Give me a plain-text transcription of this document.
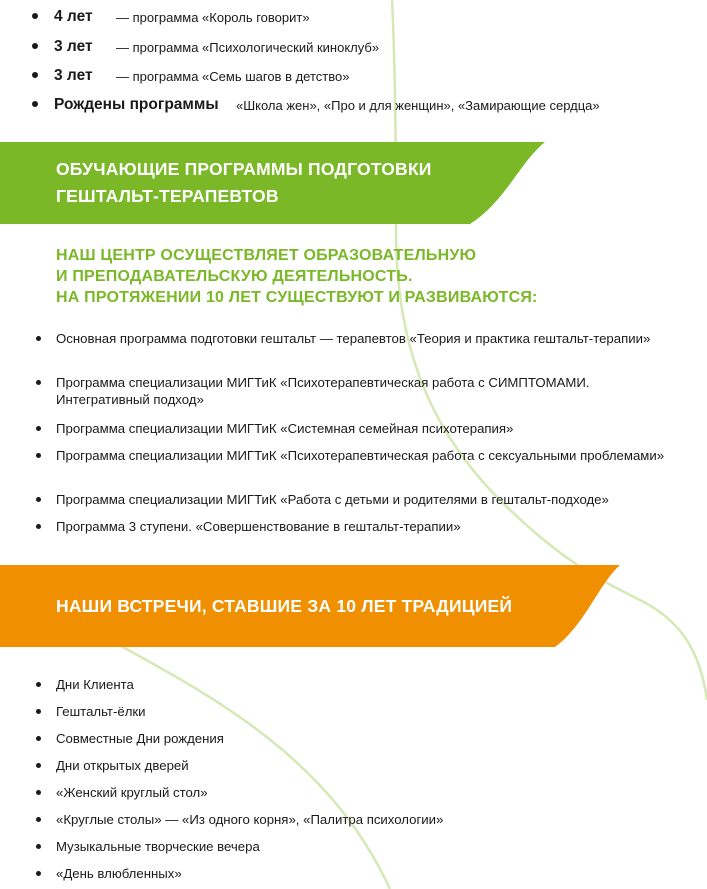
4 лет — программа «Король говорит»
3 лет — программа «Психологический киноклуб»
3 лет — программа «Семь шагов в детство»
Рождены программы «Школа жен», «Про и для женщин», «Замирающие сердца»
ОБУЧАЮЩИЕ ПРОГРАММЫ ПОДГОТОВКИ
ГЕШТАЛЬТ-ТЕРАПЕВТОВ
НАШ ЦЕНТР ОСУЩЕСТВЛЯЕТ ОБРАЗОВАТЕЛЬНУЮ
И ПРЕПОДАВАТЕЛЬСКУЮ ДЕЯТЕЛЬНОСТЬ.
НА ПРОТЯЖЕНИИ 10 ЛЕТ СУЩЕСТВУЮТ И РАЗВИВАЮТСЯ:
Основная программа подготовки гештальт — терапевтов «Теория и практика гештальт-терапии»
Программа специализации МИГТиК «Психотерапевтическая работа с СИМПТОМАМИ. Интегративный подход»
Программа специализации МИГТиК «Системная семейная психотерапия»
Программа специализации МИГТиК «Психотерапевтическая работа с сексуальными проблемами»
Программа специализации МИГТиК «Работа с детьми и родителями в гештальт-подходе»
Программа 3 ступени. «Совершенствование в гештальт-терапии»
НАШИ ВСТРЕЧИ, СТАВШИЕ ЗА 10 ЛЕТ ТРАДИЦИЕЙ
Дни Клиента
Гештальт-ёлки
Совместные Дни рождения
Дни открытых дверей
«Женский круглый стол»
«Круглые столы» — «Из одного корня», «Палитра психологии»
Музыкальные творческие вечера
«День влюбленных»
